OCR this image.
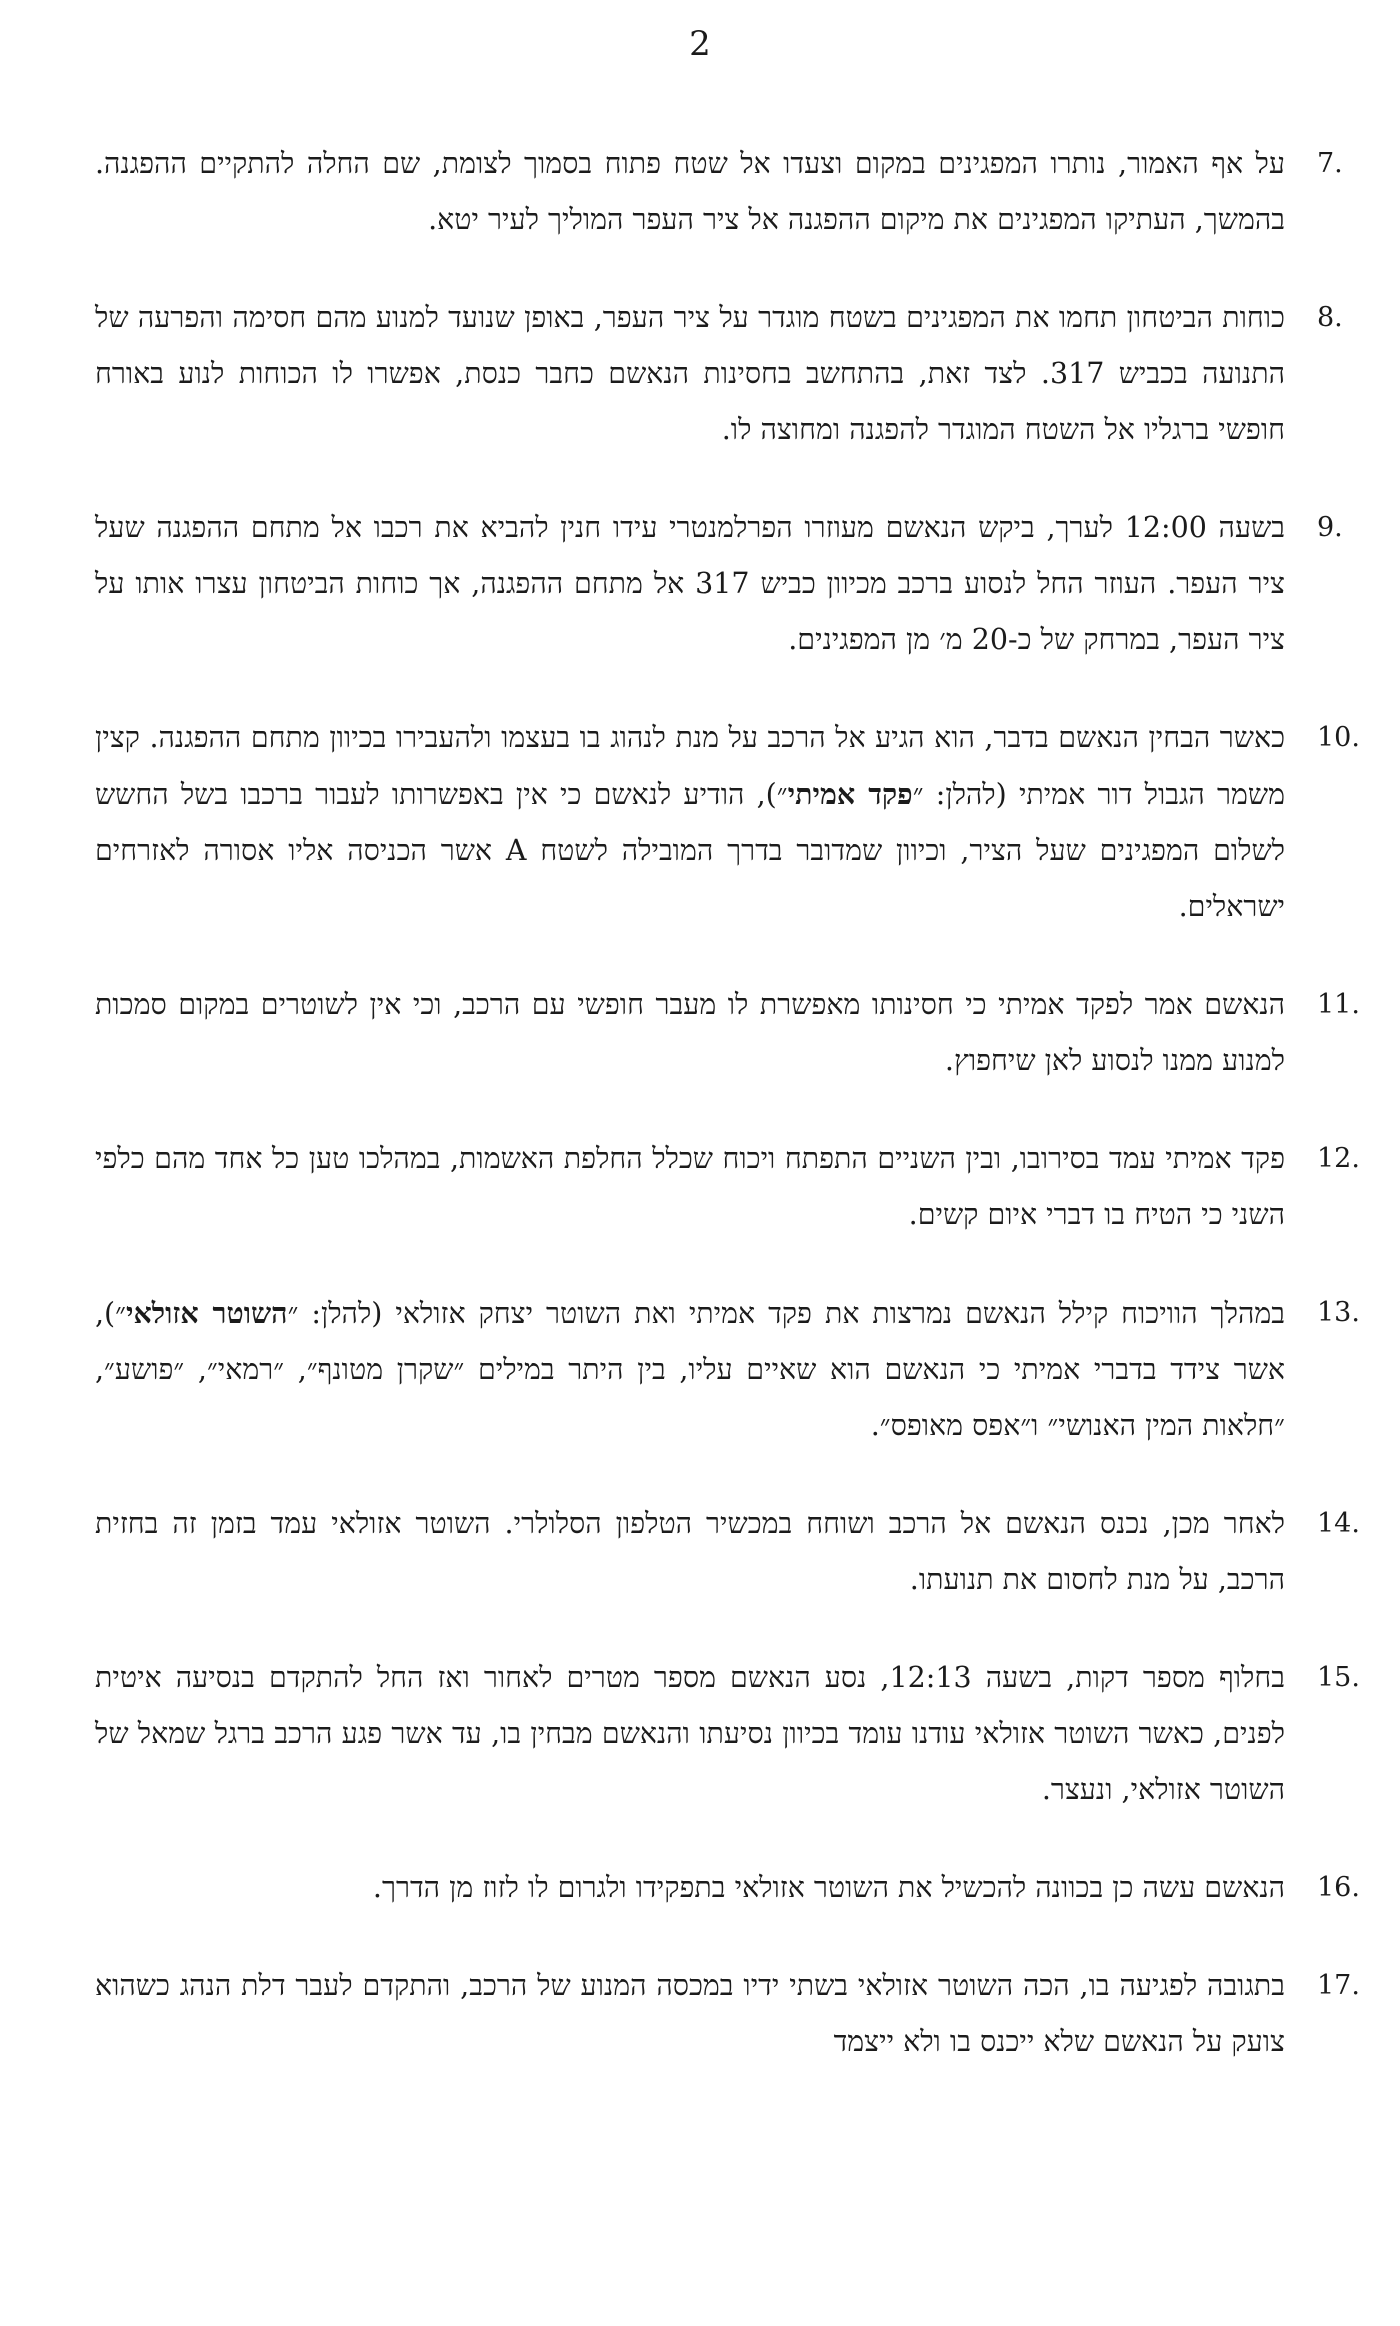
2
7.

על אף האמור, נותרו המפגינים במקום וצעדו אל שטח פתוח בסמוך לצומת, שם החלה להתקיים ההפגנה. בהמשך, העתיקו המפגינים את מיקום ההפגנה אל ציר העפר המוליך לעיר יטא.

8.

כוחות הביטחון תחמו את המפגינים בשטח מוגדר על ציר העפר, באופן שנועד למנוע מהם חסימה והפרעה של התנועה בכביש 317. לצד זאת, בהתחשב בחסינות הנאשם כחבר כנסת, אפשרו לו הכוחות לנוע באורח חופשי ברגליו אל השטח המוגדר להפגנה ומחוצה לו.

9.

בשעה 12:00 לערך, ביקש הנאשם מעוזרו הפרלמנטרי עידו חנין להביא את רכבו אל מתחם ההפגנה שעל ציר העפר. העוזר החל לנסוע ברכב מכיוון כביש 317 אל מתחם ההפגנה, אך כוחות הביטחון עצרו אותו על ציר העפר, במרחק של כ-20 מ׳ מן המפגינים.

10.

כאשר הבחין הנאשם בדבר, הוא הגיע אל הרכב על מנת לנהוג בו בעצמו ולהעבירו בכיוון מתחם ההפגנה. קצין משמר הגבול דור אמיתי (להלן: ״פקד אמיתי״), הודיע לנאשם כי אין באפשרותו לעבור ברכבו בשל החשש לשלום המפגינים שעל הציר, וכיוון שמדובר בדרך המובילה לשטח A אשר הכניסה אליו אסורה לאזרחים ישראלים.

11.

הנאשם אמר לפקד אמיתי כי חסינותו מאפשרת לו מעבר חופשי עם הרכב, וכי אין לשוטרים במקום סמכות למנוע ממנו לנסוע לאן שיחפוץ.

12.

פקד אמיתי עמד בסירובו, ובין השניים התפתח ויכוח שכלל החלפת האשמות, במהלכו טען כל אחד מהם כלפי השני כי הטיח בו דברי איום קשים.

13.

במהלך הוויכוח קילל הנאשם נמרצות את פקד אמיתי ואת השוטר יצחק אזולאי (להלן: ״השוטר אזולאי״), אשר צידד בדברי אמיתי כי הנאשם הוא שאיים עליו, בין היתר במילים ״שקרן מטונף״, ״רמאי״, ״פושע״, ״חלאות המין האנושי״ ו״אפס מאופס״.

14.

לאחר מכן, נכנס הנאשם אל הרכב ושוחח במכשיר הטלפון הסלולרי. השוטר אזולאי עמד בזמן זה בחזית הרכב, על מנת לחסום את תנועתו.

15.

בחלוף מספר דקות, בשעה 12:13, נסע הנאשם מספר מטרים לאחור ואז החל להתקדם בנסיעה איטית לפנים, כאשר השוטר אזולאי עודנו עומד בכיוון נסיעתו והנאשם מבחין בו, עד אשר פגע הרכב ברגל שמאל של השוטר אזולאי, ונעצר.

16.

הנאשם עשה כן בכוונה להכשיל את השוטר אזולאי בתפקידו ולגרום לו לזוז מן הדרך.

17.

בתגובה לפגיעה בו, הכה השוטר אזולאי בשתי ידיו במכסה המנוע של הרכב, והתקדם לעבר דלת הנהג כשהוא צועק על הנאשם שלא ייכנס בו ולא ייצמד
